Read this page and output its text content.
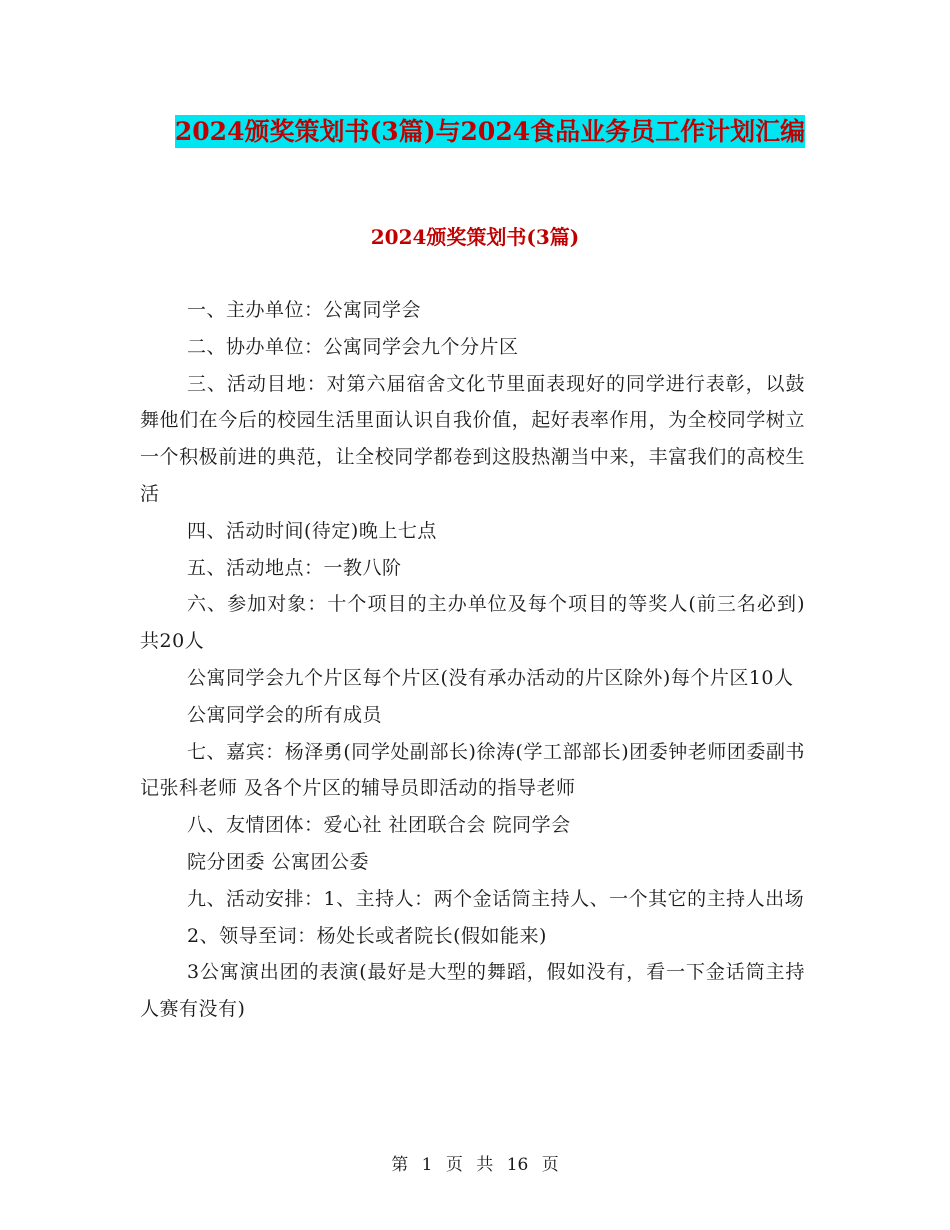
2024颁奖策划书(3篇)与2024食品业务员工作计划汇编
2024颁奖策划书(3篇)

一、主办单位：公寓同学会

二、协办单位：公寓同学会九个分片区

三、活动目地：对第六届宿舍文化节里面表现好的同学进行表彰，以鼓舞他们在今后的校园生活里面认识自我价值，起好表率作用，为全校同学树立一个积极前进的典范，让全校同学都卷到这股热潮当中来，丰富我们的高校生活

四、活动时间(待定)晚上七点

五、活动地点：一教八阶

六、参加对象：十个项目的主办单位及每个项目的等奖人(前三名必到)共20人

公寓同学会九个片区每个片区(没有承办活动的片区除外)每个片区10人

公寓同学会的所有成员

七、嘉宾：杨泽勇(同学处副部长)徐涛(学工部部长)团委钟老师团委副书记张科老师 及各个片区的辅导员即活动的指导老师

八、友情团体：爱心社 社团联合会 院同学会

院分团委 公寓团公委

九、活动安排：1、主持人：两个金话筒主持人、一个其它的主持人出场

2、领导至词：杨处长或者院长(假如能来)

3公寓演出团的表演(最好是大型的舞蹈，假如没有，看一下金话筒主持人赛有没有)

第 1 页 共 16 页
